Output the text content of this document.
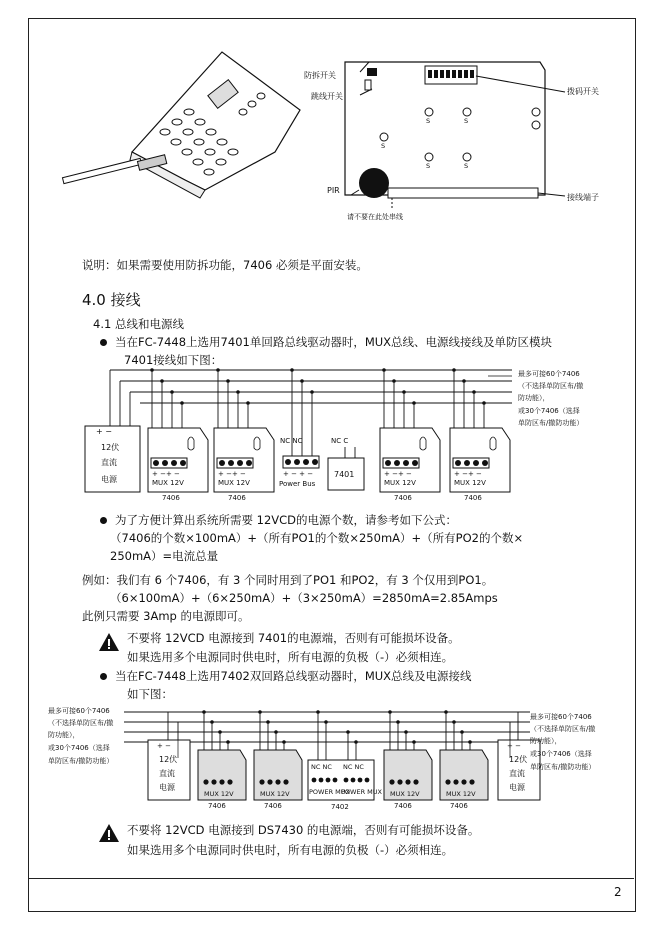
防拆开关
跳线开关
拨码开关
接线端子
PIR
请不要在此处串线
S	S
S	S
S
说明：如果需要使用防拆功能，7406 必须是平面安装。
4.0 接线
4.1 总线和电源线
当在FC-7448上选用7401单回路总线驱动器时，MUX总线、电源线接线及单防区模块
7401接线如下图：
+ −
12伏
直流
电源
+ −+ −
MUX 12V
7406
+ −+ −
MUX 12V
7406
+ −+ −
MUX 12V
7406
+ −+ −
MUX 12V
7406
NC NC
+ − + −
Power Bus
NC C
7401
最多可接60个7406
（不选择单防区布/撤
防功能），
或30个7406（选择
单防区布/撤防功能）
为了方便计算出系统所需要 12VCD的电源个数，请参考如下公式：
（7406的个数×100mA）+（所有PO1的个数×250mA）+（所有PO2的个数×
250mA）=电流总量
例如：我们有 6 个7406，有 3 个同时用到了PO1 和PO2，有 3 个仅用到PO1。
（6×100mA）+（6×250mA）+（3×250mA）=2850mA=2.85Amps
此例只需要 3Amp 的电源即可。
不要将 12VCD 电源接到 7401的电源端，否则有可能损坏设备。
如果选用多个电源同时供电时，所有电源的负极（-）必须相连。
当在FC-7448上选用7402双回路总线驱动器时，MUX总线及电源接线
如下图：
最多可接60个7406
（不选择单防区布/撤
防功能），
或30个7406（选择
单防区布/撤防功能）
最多可接60个7406
（不选择单防区布/撤
防功能），
或30个7406（选择
单防区布/撤防功能）
+ −
12伏
直流
电源
+ −
12伏
直流
电源
MUX 12V
7406
MUX 12V
7406
MUX 12V
7406
MUX 12V
7406
NC NC NC NC
POWER MUX
POWER MUX
7402
不要将 12VCD 电源接到 DS7430 的电源端，否则有可能损坏设备。
如果选用多个电源同时供电时，所有电源的负极（-）必须相连。
2
